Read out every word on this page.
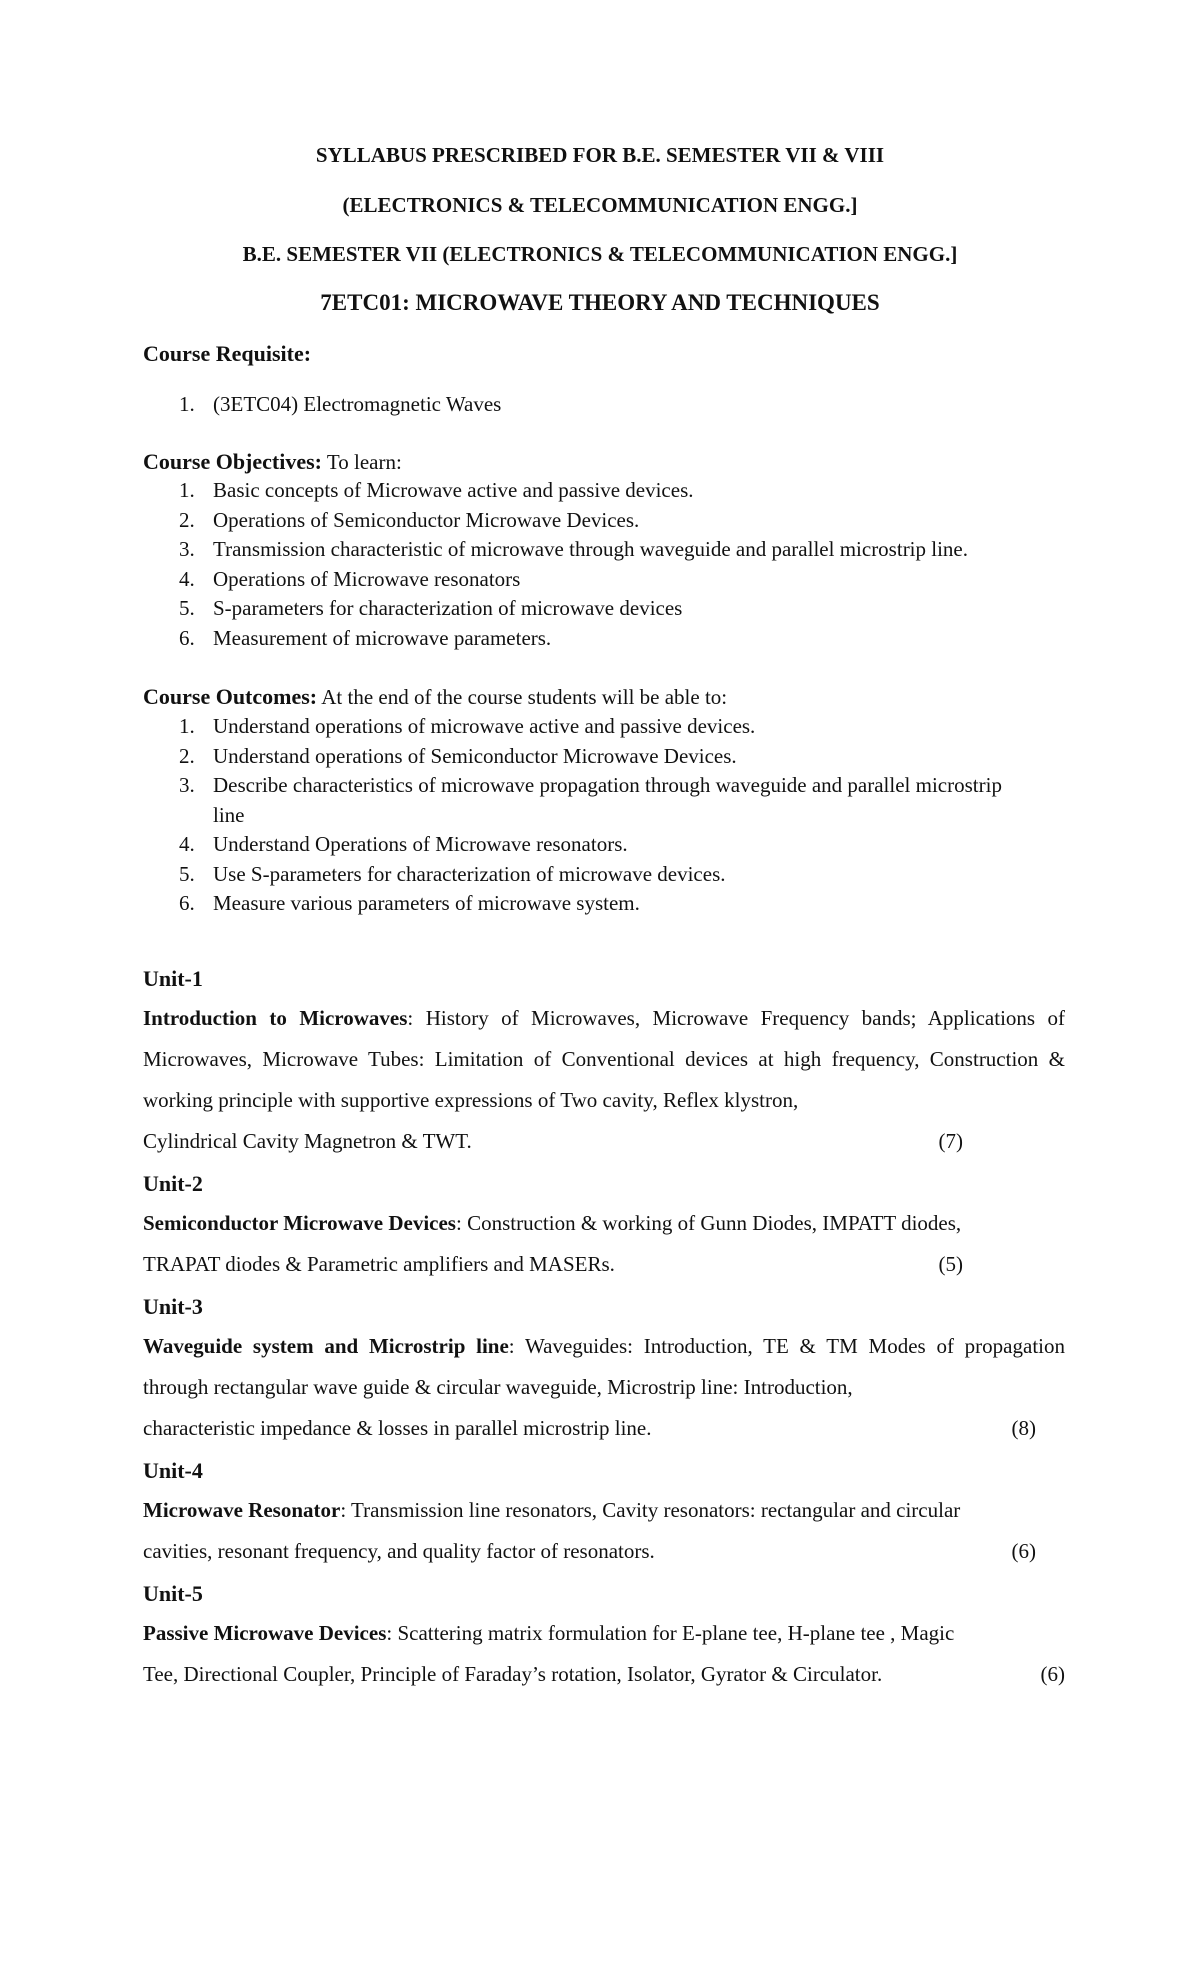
SYLLABUS PRESCRIBED FOR B.E. SEMESTER VII & VIII
(ELECTRONICS & TELECOMMUNICATION ENGG.]
B.E. SEMESTER VII (ELECTRONICS & TELECOMMUNICATION ENGG.]
7ETC01: MICROWAVE THEORY AND TECHNIQUES
Course Requisite:
1. (3ETC04) Electromagnetic Waves
Course Objectives: To learn:
1. Basic concepts of Microwave active and passive devices.
2. Operations of Semiconductor Microwave Devices.
3. Transmission characteristic of microwave through waveguide and parallel microstrip line.
4. Operations of Microwave resonators
5. S-parameters for characterization of microwave devices
6. Measurement of microwave parameters.
Course Outcomes: At the end of the course students will be able to:
1. Understand operations of microwave active and passive devices.
2. Understand operations of Semiconductor Microwave Devices.
3. Describe characteristics of microwave propagation through waveguide and parallel microstrip line
4. Understand Operations of Microwave resonators.
5. Use S-parameters for characterization of microwave devices.
6. Measure various parameters of microwave system.
Unit-1
Introduction to Microwaves: History of Microwaves, Microwave Frequency bands; Applications of Microwaves, Microwave Tubes: Limitation of Conventional devices at high frequency, Construction & working principle with supportive expressions of Two cavity, Reflex klystron,
Cylindrical Cavity Magnetron & TWT.	(7)
Unit-2
Semiconductor Microwave Devices: Construction & working of Gunn Diodes, IMPATT diodes,
TRAPAT diodes & Parametric amplifiers and MASERs.	(5)
Unit-3
Waveguide system and Microstrip line: Waveguides: Introduction, TE & TM Modes of propagation through rectangular wave guide & circular waveguide, Microstrip line: Introduction,
characteristic impedance & losses in parallel microstrip line.	(8)
Unit-4
Microwave Resonator: Transmission line resonators, Cavity resonators: rectangular and circular
cavities, resonant frequency, and quality factor of resonators.	(6)
Unit-5
Passive Microwave Devices: Scattering matrix formulation for E-plane tee, H-plane tee , Magic
Tee, Directional Coupler, Principle of Faraday’s rotation, Isolator, Gyrator & Circulator.	(6)
